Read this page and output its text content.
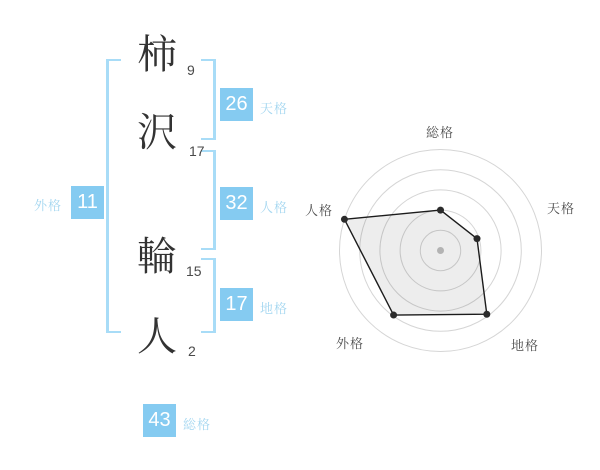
柿
沢
輪
人
9
17
15
2
26 天格
32 人格
17 地格
外格 11
43 総格
総格
天格
地格
外格
人格
